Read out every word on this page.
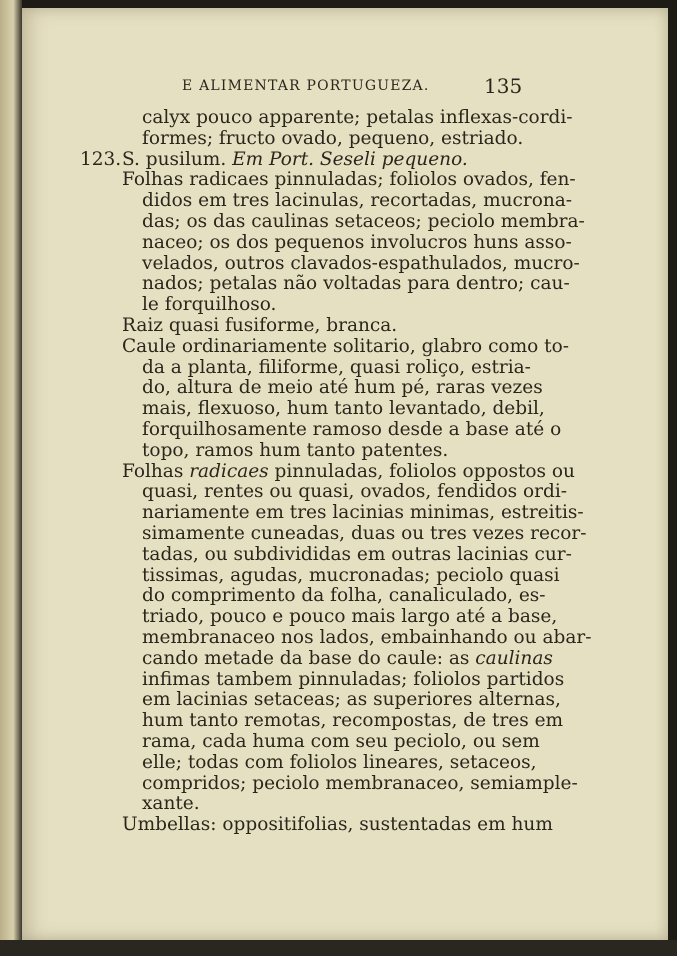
E ALIMENTAR PORTUGUEZA.	135
calyx pouco apparente; petalas inflexas-cordi-
formes; fructo ovado, pequeno, estriado.
123. S. pusilum. Em Port. Seseli pequeno.
Folhas radicaes pinnuladas; foliolos ovados, fen-
didos em tres lacinulas, recortadas, mucrona-
das; os das caulinas setaceos; peciolo membra-
naceo; os dos pequenos involucros huns asso-
velados, outros clavados-espathulados, mucro-
nados; petalas não voltadas para dentro; cau-
le forquilhoso.
Raiz quasi fusiforme, branca.
Caule ordinariamente solitario, glabro como to-
da a planta, filiforme, quasi roliço, estria-
do, altura de meio até hum pé, raras vezes
mais, flexuoso, hum tanto levantado, debil,
forquilhosamente ramoso desde a base até o
topo, ramos hum tanto patentes.
Folhas radicaes pinnuladas, foliolos oppostos ou
quasi, rentes ou quasi, ovados, fendidos ordi-
nariamente em tres lacinias minimas, estreitis-
simamente cuneadas, duas ou tres vezes recor-
tadas, ou subdivididas em outras lacinias cur-
tissimas, agudas, mucronadas; peciolo quasi
do comprimento da folha, canaliculado, es-
triado, pouco e pouco mais largo até a base,
membranaceo nos lados, embainhando ou abar-
cando metade da base do caule: as caulinas
infimas tambem pinnuladas; foliolos partidos
em lacinias setaceas; as superiores alternas,
hum tanto remotas, recompostas, de tres em
rama, cada huma com seu peciolo, ou sem
elle; todas com foliolos lineares, setaceos,
compridos; peciolo membranaceo, semiample-
xante.
Umbellas: oppositifolias, sustentadas em hum
